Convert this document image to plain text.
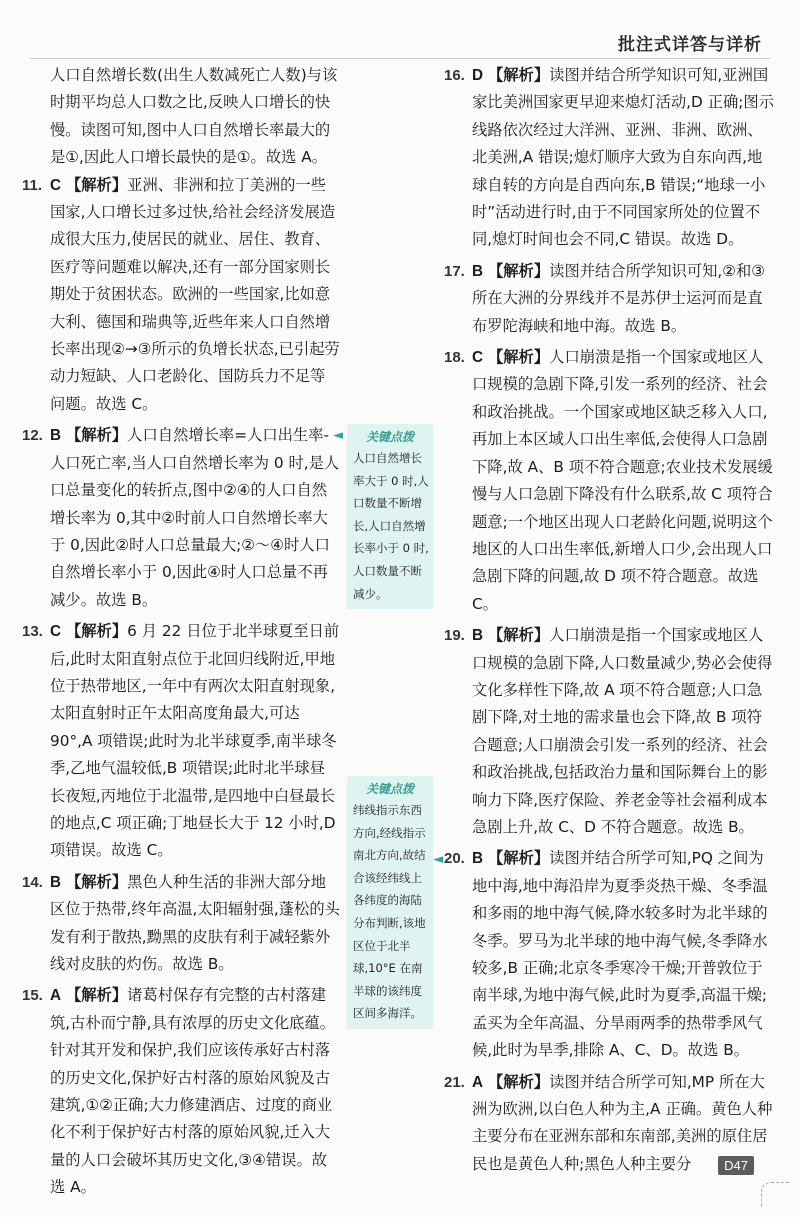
批注式详答与详析

人口自然增长数(出生人数减死亡人数)与该时期平均总人口数之比,反映人口增长的快慢。读图可知,图中人口自然增长率最大的是①,因此人口增长最快的是①。故选 A。

11. C 【解析】亚洲、非洲和拉丁美洲的一些国家,人口增长过多过快,给社会经济发展造成很大压力,使居民的就业、居住、教育、医疗等问题难以解决,还有一部分国家则长期处于贫困状态。欧洲的一些国家,比如意大利、德国和瑞典等,近些年来人口自然增长率出现②→③所示的负增长状态,已引起劳动力短缺、人口老龄化、国防兵力不足等问题。故选 C。
12. B 【解析】人口自然增长率=人口出生率-人口死亡率,当人口自然增长率为 0 时,是人口总量变化的转折点,图中②④的人口自然增长率为 0,其中②时前人口自然增长率大于 0,因此②时人口总量最大;②～④时人口自然增长率小于 0,因此④时人口总量不再减少。故选 B。
13. C 【解析】6 月 22 日位于北半球夏至日前后,此时太阳直射点位于北回归线附近,甲地位于热带地区,一年中有两次太阳直射现象,太阳直射时正午太阳高度角最大,可达 90°,A 项错误;此时为北半球夏季,南半球冬季,乙地气温较低,B 项错误;此时北半球昼长夜短,丙地位于北温带,是四地中白昼最长的地点,C 项正确;丁地昼长大于 12 小时,D 项错误。故选 C。
14. B 【解析】黑色人种生活的非洲大部分地区位于热带,终年高温,太阳辐射强,蓬松的头发有利于散热,黝黑的皮肤有利于减轻紫外线对皮肤的灼伤。故选 B。
15. A 【解析】诸葛村保存有完整的古村落建筑,古朴而宁静,具有浓厚的历史文化底蕴。针对其开发和保护,我们应该传承好古村落的历史文化,保护好古村落的原始风貌及古建筑,①②正确;大力修建酒店、过度的商业化不利于保护好古村落的原始风貌,迁入大量的人口会破坏其历史文化,③④错误。故选 A。
16. D 【解析】读图并结合所学知识可知,亚洲国家比美洲国家更早迎来熄灯活动,D 正确;图示线路依次经过大洋洲、亚洲、非洲、欧洲、北美洲,A 错误;熄灯顺序大致为自东向西,地球自转的方向是自西向东,B 错误;“地球一小时”活动进行时,由于不同国家所处的位置不同,熄灯时间也会不同,C 错误。故选 D。
17. B 【解析】读图并结合所学知识可知,②和③所在大洲的分界线并不是苏伊士运河而是直布罗陀海峡和地中海。故选 B。
18. C 【解析】人口崩溃是指一个国家或地区人口规模的急剧下降,引发一系列的经济、社会和政治挑战。一个国家或地区缺乏移入人口,再加上本区域人口出生率低,会使得人口急剧下降,故 A、B 项不符合题意;农业技术发展缓慢与人口急剧下降没有什么联系,故 C 项符合题意;一个地区出现人口老龄化问题,说明这个地区的人口出生率低,新增人口少,会出现人口急剧下降的问题,故 D 项不符合题意。故选 C。
19. B 【解析】人口崩溃是指一个国家或地区人口规模的急剧下降,人口数量减少,势必会使得文化多样性下降,故 A 项不符合题意;人口急剧下降,对土地的需求量也会下降,故 B 项符合题意;人口崩溃会引发一系列的经济、社会和政治挑战,包括政治力量和国际舞台上的影响力下降,医疗保险、养老金等社会福利成本急剧上升,故 C、D 不符合题意。故选 B。
20. B 【解析】读图并结合所学可知,PQ 之间为地中海,地中海沿岸为夏季炎热干燥、冬季温和多雨的地中海气候,降水较多时为北半球的冬季。罗马为北半球的地中海气候,冬季降水较多,B 正确;北京冬季寒冷干燥;开普敦位于南半球,为地中海气候,此时为夏季,高温干燥;孟买为全年高温、分旱雨两季的热带季风气候,此时为旱季,排除 A、C、D。故选 B。
21. A 【解析】读图并结合所学可知,MP 所在大洲为欧洲,以白色人种为主,A 正确。黄色人种主要分布在亚洲东部和东南部,美洲的原住居民也是黄色人种;黑色人种主要分
关键点拨
人口自然增长率大于 0 时,人口数量不断增长,人口自然增长率小于 0 时,人口数量不断减少。
◄
关键点拨
纬线指示东西方向,经线指示南北方向,故结合该经纬线上各纬度的海陆分布判断,该地区位于北半球,10°E 在南半球的该纬度区间多海洋。
◄
D47
